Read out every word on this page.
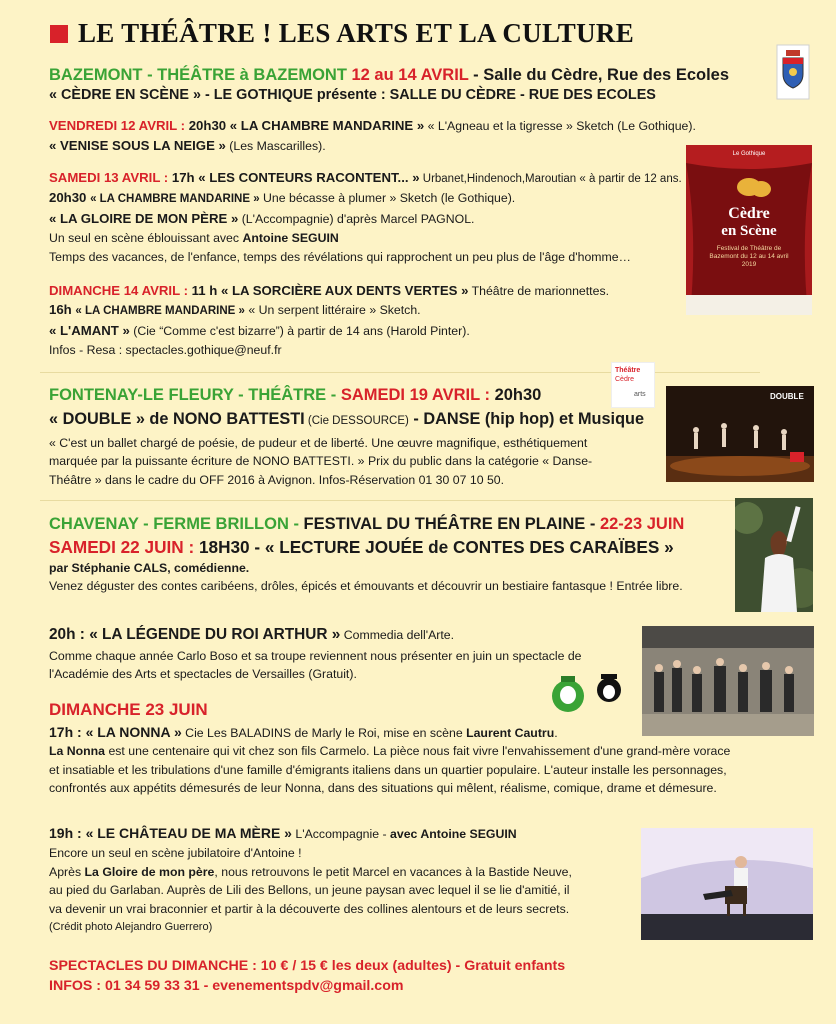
LE THÉÂTRE ! LES ARTS ET LA CULTURE
BAZEMONT - THÉÂTRE à BAZEMONT 12 au 14 AVRIL - Salle du Cèdre, Rue des Ecoles
« CÈDRE EN SCÈNE » - LE GOTHIQUE présente : SALLE DU CÈDRE - RUE DES ECOLES
VENDREDI 12 AVRIL : 20h30 « LA CHAMBRE MANDARINE » « L'Agneau et la tigresse » Sketch (Le Gothique).
« VENISE SOUS LA NEIGE » (Les Mascarilles).
SAMEDI 13 AVRIL : 17h « LES CONTEURS RACONTENT... » Urbanet,Hindenoch,Maroutian « à partir de 12 ans.
20h30 « LA CHAMBRE MANDARINE » Une bécasse à plumer » Sketch (le Gothique).
« LA GLOIRE DE MON PÈRE » (L'Accompagnie) d'après Marcel PAGNOL.
Un seul en scène éblouissant avec Antoine SEGUIN
Temps des vacances, de l'enfance, temps des révélations qui rapprochent un peu plus de l'âge d'homme…
DIMANCHE 14 AVRIL : 11 h « LA SORCIÈRE AUX DENTS VERTES » Théâtre de marionnettes.
16h « LA CHAMBRE MANDARINE » « Un serpent littéraire » Sketch.
« L'AMANT » (Cie “Comme c'est bizarre”) à partir de 14 ans (Harold Pinter).
Infos - Resa : spectacles.gothique@neuf.fr
Le Gothique
Cèdre
en Scène
Festival de Théâtre de Bazemont du 12 au 14 avril 2019
FONTENAY-LE FLEURY - THÉÂTRE - SAMEDI 19 AVRIL : 20h30
« DOUBLE » de NONO BATTESTI (Cie DESSOURCE) - DANSE (hip hop) et Musique
« C'est un ballet chargé de poésie, de pudeur et de liberté. Une œuvre magnifique, esthétiquement
marquée par la puissante écriture de NONO BATTESTI. » Prix du public dans la catégorie « Danse-
Théâtre » dans le cadre du OFF 2016 à Avignon. Infos-Réservation 01 30 07 10 50.
Théâtre
Cèdre
arts	DOUBLE
CHAVENAY - FERME BRILLON - FESTIVAL DU THÉÂTRE EN PLAINE - 22-23 JUIN
SAMEDI 22 JUIN : 18H30 - « LECTURE JOUÉE de CONTES DES CARAÏBES »
par Stéphanie CALS, comédienne.
Venez déguster des contes caribéens, drôles, épicés et émouvants et découvrir un bestiaire fantasque ! Entrée libre.
20h : « LA LÉGENDE DU ROI ARTHUR » Commedia dell'Arte.
Comme chaque année Carlo Boso et sa troupe reviennent nous présenter en juin un spectacle de
l'Académie des Arts et spectacles de Versailles (Gratuit).
DIMANCHE 23 JUIN
17h : « LA NONNA » Cie Les BALADINS de Marly le Roi, mise en scène Laurent Cautru.
La Nonna est une centenaire qui vit chez son fils Carmelo. La pièce nous fait vivre l'envahissement d'une grand-mère vorace
et insatiable et les tribulations d'une famille d'émigrants italiens dans un quartier populaire. L'auteur installe les personnages,
confrontés aux appétits démesurés de leur Nonna, dans des situations qui mêlent, réalisme, comique, drame et démesure.
19h : « LE CHÂTEAU DE MA MÈRE » L'Accompagnie - avec Antoine SEGUIN
Encore un seul en scène jubilatoire d'Antoine !
Après La Gloire de mon père, nous retrouvons le petit Marcel en vacances à la Bastide Neuve,
au pied du Garlaban. Auprès de Lili des Bellons, un jeune paysan avec lequel il se lie d'amitié, il
va devenir un vrai braconnier et partir à la découverte des collines alentours et de leurs secrets.
(Crédit photo Alejandro Guerrero)
SPECTACLES DU DIMANCHE : 10 € / 15 € les deux (adultes) - Gratuit enfants
INFOS : 01 34 59 33 31 - evenementspdv@gmail.com
